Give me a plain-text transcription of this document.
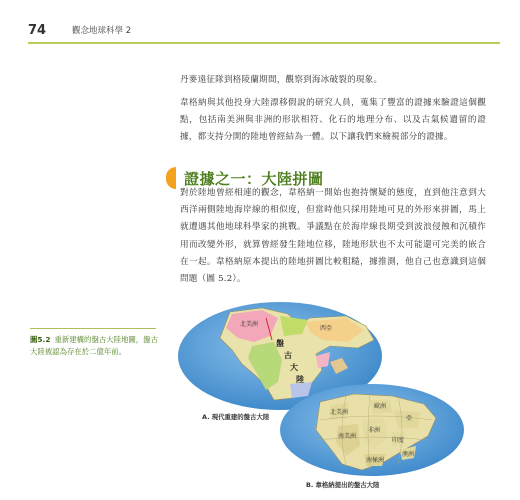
74	觀念地球科學 2

丹麥遠征隊到格陵蘭期間，觀察到海冰破裂的現象。

韋格納與其他投身大陸漂移假說的研究人員，蒐集了豐富的證據來驗證這個觀點，包括南美洲與非洲的形狀相符、化石的地理分布、以及古氣候遺留的證據，都支持分開的陸地曾經結為一體。以下讓我們來檢視部分的證據。

證據之一：大陸拼圖

對於陸地曾經相連的觀念，韋格納一開始也抱持懷疑的態度，直到他注意到大西洋兩側陸地海岸線的相似度，但當時他只採用陸地可見的外形來拼圖，馬上就遭遇其他地球科學家的挑戰。爭議點在於海岸線長期受到波浪侵蝕和沉積作用而改變外形，就算曾經發生陸地位移，陸地形狀也不太可能還可完美的嵌合在一起。韋格納原本提出的陸地拼圖比較粗糙，據推測，他自己也意識到這個問題（圖 5.2）。

圖5.2 重新建構的盤古大陸地圖，盤古大陸被認為存在於二億年前。
北美洲
西亞
盤
古
大
陸
北美洲
歐洲
南美洲
非洲
亞
印度
南極洲
澳洲
A. 現代重建的盤古大陸
B. 韋格納提出的盤古大陸
